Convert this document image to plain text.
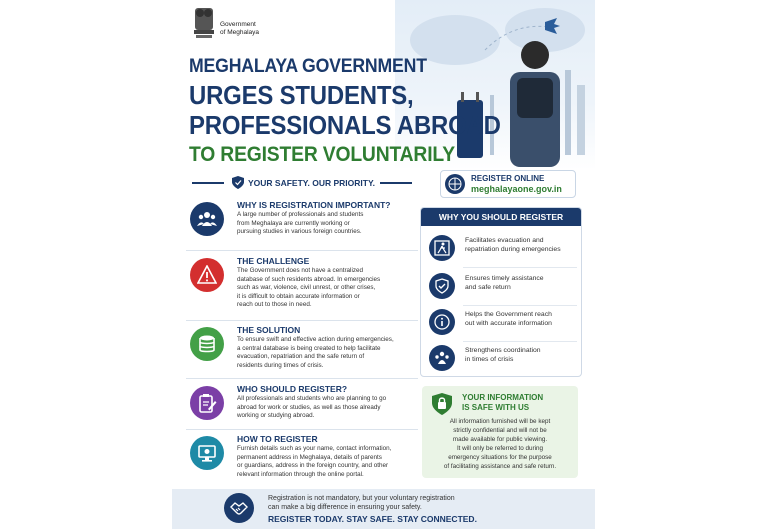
Government
of Meghalaya
MEGHALAYA GOVERNMENT
URGES STUDENTS,
PROFESSIONALS ABROAD
TO REGISTER VOLUNTARILY
YOUR SAFETY. OUR PRIORITY.	REGISTER ONLINE
meghalayaone.gov.in
WHY IS REGISTRATION IMPORTANT?
A large number of professionals and students
from Meghalaya are currently working or
pursuing studies in various foreign countries.
THE CHALLENGE
The Government does not have a centralized
database of such residents abroad. In emergencies
such as war, violence, civil unrest, or other crises,
it is difficult to obtain accurate information or
reach out to those in need.
THE SOLUTION
To ensure swift and effective action during emergencies,
a central database is being created to help facilitate
evacuation, repatriation and the safe return of
residents during times of crisis.
WHO SHOULD REGISTER?
All professionals and students who are planning to go
abroad for work or studies, as well as those already
working or studying abroad.
HOW TO REGISTER
Furnish details such as your name, contact information,
permanent address in Meghalaya, details of parents
or guardians, address in the foreign country, and other
relevant information through the online portal.
WHY YOU SHOULD REGISTER
Facilitates evacuation and
repatriation during emergencies
Ensures timely assistance
and safe return
Helps the Government reach
out with accurate information
Strengthens coordination
in times of crisis
YOUR INFORMATION
IS SAFE WITH US
All information furnished will be kept
strictly confidential and will not be
made available for public viewing.
It will only be referred to during
emergency situations for the purpose
of facilitating assistance and safe return.
Registration is not mandatory, but your voluntary registration
can make a big difference in ensuring your safety.
REGISTER TODAY. STAY SAFE. STAY CONNECTED.
